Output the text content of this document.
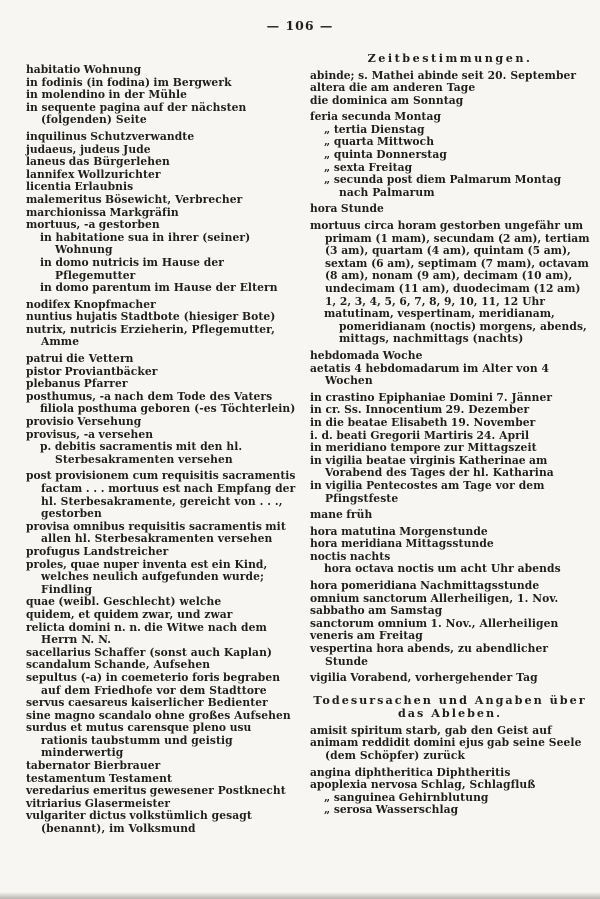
— 106 —

habitatio Wohnung

in fodinis (in fodina) im Bergwerk

in molendino in der Mühle

in sequente pagina auf der nächsten (folgenden) Seite

inquilinus Schutzverwandte

judaeus, judeus Jude

laneus das Bürgerlehen

lannifex Wollzurichter

licentia Erlaubnis

malemeritus Bösewicht, Verbrecher

marchionissa Markgräfin

mortuus, -a gestorben

in habitatione sua in ihrer (seiner) Wohnung

in domo nutricis im Hause der Pflegemutter

in domo parentum im Hause der Eltern

nodifex Knopfmacher

nuntius hujatis Stadtbote (hiesiger Bote)

nutrix, nutricis Erzieherin, Pflegemutter, Amme

patrui die Vettern

pistor Proviantbäcker

plebanus Pfarrer

posthumus, -a nach dem Tode des Vaters

filiola posthuma geboren (-es Töchterlein)

provisio Versehung

provisus, -a versehen

p. debitis sacramentis mit den hl. Sterbesakramenten versehen

post provisionem cum requisitis sacramentis factam . . . mortuus est nach Empfang der hl. Sterbesakramente, gereicht von . . ., gestorben

provisa omnibus requisitis sacramentis mit allen hl. Sterbesakramenten versehen

profugus Landstreicher

proles, quae nuper inventa est ein Kind, welches neulich aufgefunden wurde; Findling

quae (weibl. Geschlecht) welche

quidem, et quidem zwar, und zwar

relicta domini n. n. die Witwe nach dem Herrn N. N.

sacellarius Schaffer (sonst auch Kaplan)

scandalum Schande, Aufsehen

sepultus (-a) in coemeterio foris begraben auf dem Friedhofe vor dem Stadttore

servus caesareus kaiserlicher Bedienter

sine magno scandalo ohne großes Aufsehen

surdus et mutus carensque pleno usu rationis taubstumm und geistig minderwertig

tabernator Bierbrauer

testamentum Testament

veredarius emeritus gewesener Postknecht

vitriarius Glasermeister

vulgariter dictus volkstümlich gesagt (benannt), im Volksmund

Zeitbestimmungen.

abinde; s. Mathei abinde seit 20. September

altera die am anderen Tage

die dominica am Sonntag

feria secunda Montag

„ tertia Dienstag

„ quarta Mittwoch

„ quinta Donnerstag

„ sexta Freitag

„ secunda post diem Palmarum Montag nach Palmarum

hora Stunde

mortuus circa horam gestorben ungefähr um primam (1 mam), secundam (2 am), tertiam (3 am), quartam (4 am), quintam (5 am), sextam (6 am), septimam (7 mam), octavam (8 am), nonam (9 am), decimam (10 am), undecimam (11 am), duodecimam (12 am) 1, 2, 3, 4, 5, 6, 7, 8, 9, 10, 11, 12 Uhr

matutinam, vespertinam, meridianam, pomeridianam (noctis) morgens, abends, mittags, nachmittags (nachts)

hebdomada Woche

aetatis 4 hebdomadarum im Alter von 4 Wochen

in crastino Epiphaniae Domini 7. Jänner

in cr. Ss. Innocentium 29. Dezember

in die beatae Elisabeth 19. November

i. d. beati Gregorii Martiris 24. April

in meridiano tempore zur Mittagszeit

in vigilia beatae virginis Katherinae am Vorabend des Tages der hl. Katharina

in vigilia Pentecostes am Tage vor dem Pfingstfeste

mane früh

hora matutina Morgenstunde

hora meridiana Mittagsstunde

noctis nachts

hora octava noctis um acht Uhr abends

hora pomeridiana Nachmittagsstunde

omnium sanctorum Allerheiligen, 1. Nov.

sabbatho am Samstag

sanctorum omnium 1. Nov., Allerheiligen

veneris am Freitag

vespertina hora abends, zu abendlicher Stunde

vigilia Vorabend, vorhergehender Tag

Todesursachen und Angaben über das Ableben.

amisit spiritum starb, gab den Geist auf

animam reddidit domini ejus gab seine Seele (dem Schöpfer) zurück

angina diphtheritica Diphtheritis

apoplexia nervosa Schlag, Schlagfluß

„ sanguinea Gehirnblutung

„ serosa Wasserschlag
